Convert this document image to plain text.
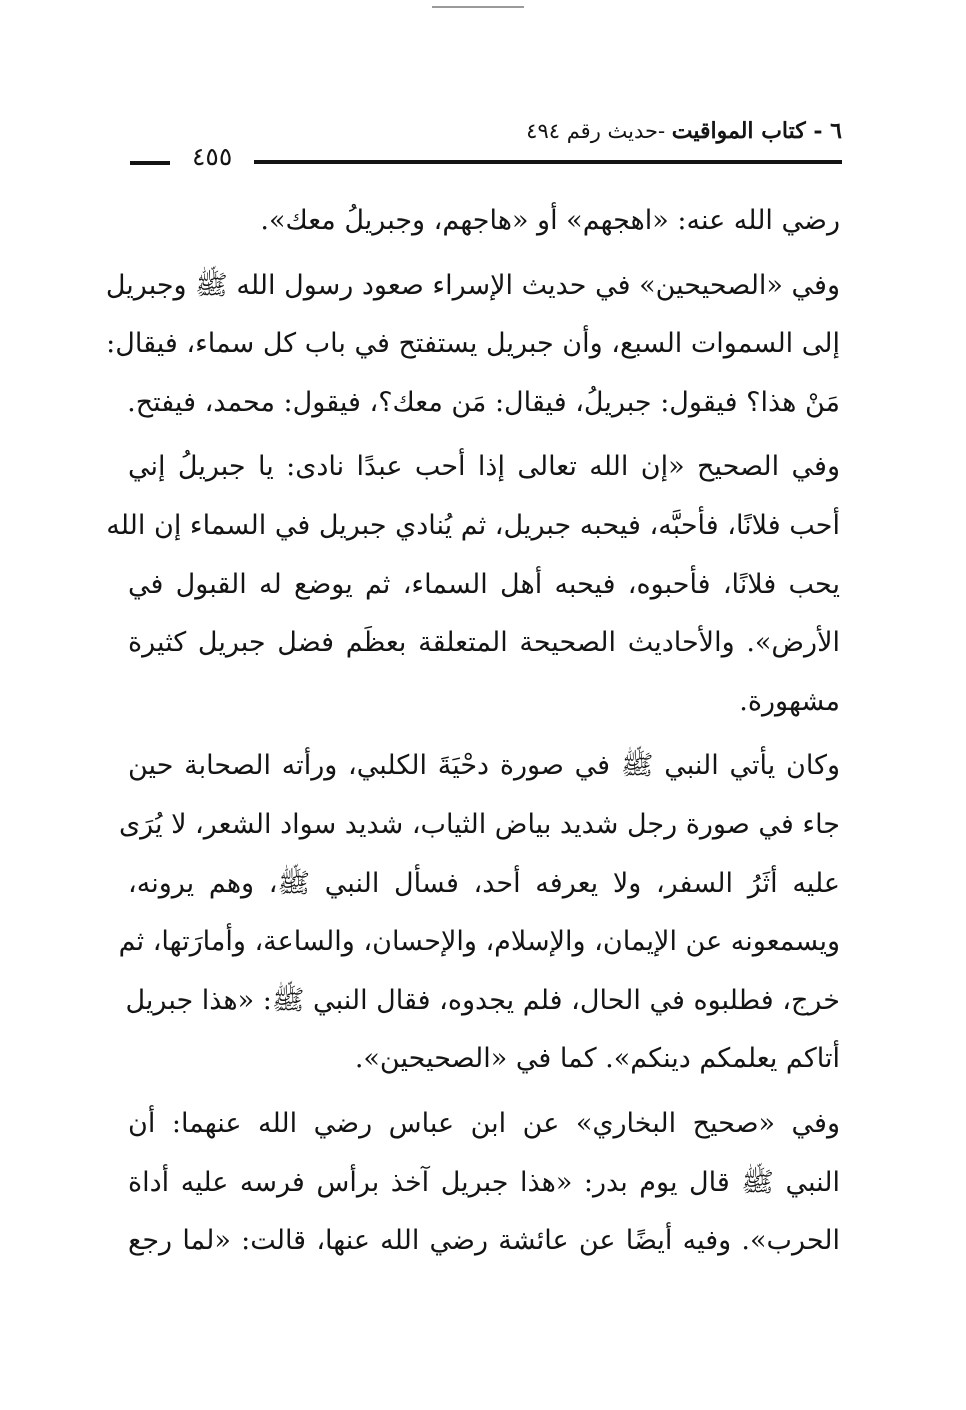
٦ - كتاب المواقيت -حديث رقم ٤٩٤
٤٥٥
رضي الله عنه: «اهجهم» أو «هاجهم، وجبريلُ معك».
وفي «الصحيحين» في حديث الإسراء صعود رسول الله ﷺ وجبريل
إلى السموات السبع، وأن جبريل يستفتح في باب كل سماء، فيقال:
مَنْ هذا؟ فيقول: جبريلُ، فيقال: مَن معك؟، فيقول: محمد، فيفتح.
وفي الصحيح «إن الله تعالى إذا أحب عبدًا نادى: يا جبريلُ إني
أحب فلانًا، فأحبَّه، فيحبه جبريل، ثم يُنادي جبريل في السماء إن الله
يحب فلانًا، فأحبوه، فيحبه أهل السماء، ثم يوضع له القبول في
الأرض». والأحاديث الصحيحة المتعلقة بعظَم فضل جبريل كثيرة
مشهورة.
وكان يأتي النبي ﷺ في صورة دحْيَةَ الكلبي، ورأته الصحابة حين
جاء في صورة رجل شديد بياض الثياب، شديد سواد الشعر، لا يُرَى
عليه أثَرُ السفر، ولا يعرفه أحد، فسأل النبي ﷺ، وهم يرونه،
ويسمعونه عن الإيمان، والإسلام، والإحسان، والساعة، وأمارَتها، ثم
خرج، فطلبوه في الحال، فلم يجدوه، فقال النبي ﷺ: «هذا جبريل
أتاكم يعلمكم دينكم». كما في «الصحيحين».
وفي «صحيح البخاري» عن ابن عباس رضي الله عنهما: أن
النبي ﷺ قال يوم بدر: «هذا جبريل آخذ برأس فرسه عليه أداة
الحرب». وفيه أيضًا عن عائشة رضي الله عنها، قالت: «لما رجع
